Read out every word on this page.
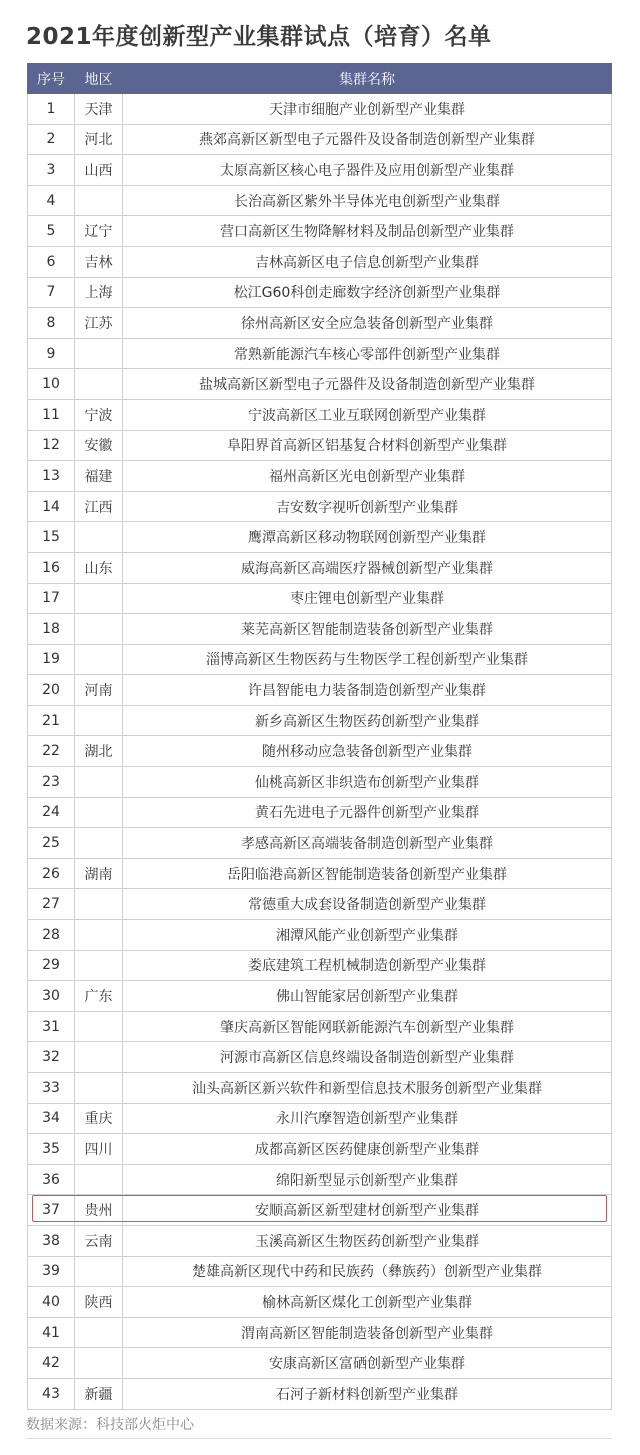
2021年度创新型产业集群试点（培育）名单
序号	地区	集群名称
1	天津	天津市细胞产业创新型产业集群
2	河北	燕郊高新区新型电子元器件及设备制造创新型产业集群
3	山西	太原高新区核心电子器件及应用创新型产业集群
4		长治高新区紫外半导体光电创新型产业集群
5	辽宁	营口高新区生物降解材料及制品创新型产业集群
6	吉林	吉林高新区电子信息创新型产业集群
7	上海	松江G60科创走廊数字经济创新型产业集群
8	江苏	徐州高新区安全应急装备创新型产业集群
9		常熟新能源汽车核心零部件创新型产业集群
10		盐城高新区新型电子元器件及设备制造创新型产业集群
11	宁波	宁波高新区工业互联网创新型产业集群
12	安徽	阜阳界首高新区铝基复合材料创新型产业集群
13	福建	福州高新区光电创新型产业集群
14	江西	吉安数字视听创新型产业集群
15		鹰潭高新区移动物联网创新型产业集群
16	山东	威海高新区高端医疗器械创新型产业集群
17		枣庄锂电创新型产业集群
18		莱芜高新区智能制造装备创新型产业集群
19		淄博高新区生物医药与生物医学工程创新型产业集群
20	河南	许昌智能电力装备制造创新型产业集群
21		新乡高新区生物医药创新型产业集群
22	湖北	随州移动应急装备创新型产业集群
23		仙桃高新区非织造布创新型产业集群
24		黄石先进电子元器件创新型产业集群
25		孝感高新区高端装备制造创新型产业集群
26	湖南	岳阳临港高新区智能制造装备创新型产业集群
27		常德重大成套设备制造创新型产业集群
28		湘潭风能产业创新型产业集群
29		娄底建筑工程机械制造创新型产业集群
30	广东	佛山智能家居创新型产业集群
31		肇庆高新区智能网联新能源汽车创新型产业集群
32		河源市高新区信息终端设备制造创新型产业集群
33		汕头高新区新兴软件和新型信息技术服务创新型产业集群
34	重庆	永川汽摩智造创新型产业集群
35	四川	成都高新区医药健康创新型产业集群
36		绵阳新型显示创新型产业集群
37	贵州	安顺高新区新型建材创新型产业集群
38	云南	玉溪高新区生物医药创新型产业集群
39		楚雄高新区现代中药和民族药（彝族药）创新型产业集群
40	陕西	榆林高新区煤化工创新型产业集群
41		渭南高新区智能制造装备创新型产业集群
42		安康高新区富硒创新型产业集群
43	新疆	石河子新材料创新型产业集群

数据来源：科技部火炬中心
